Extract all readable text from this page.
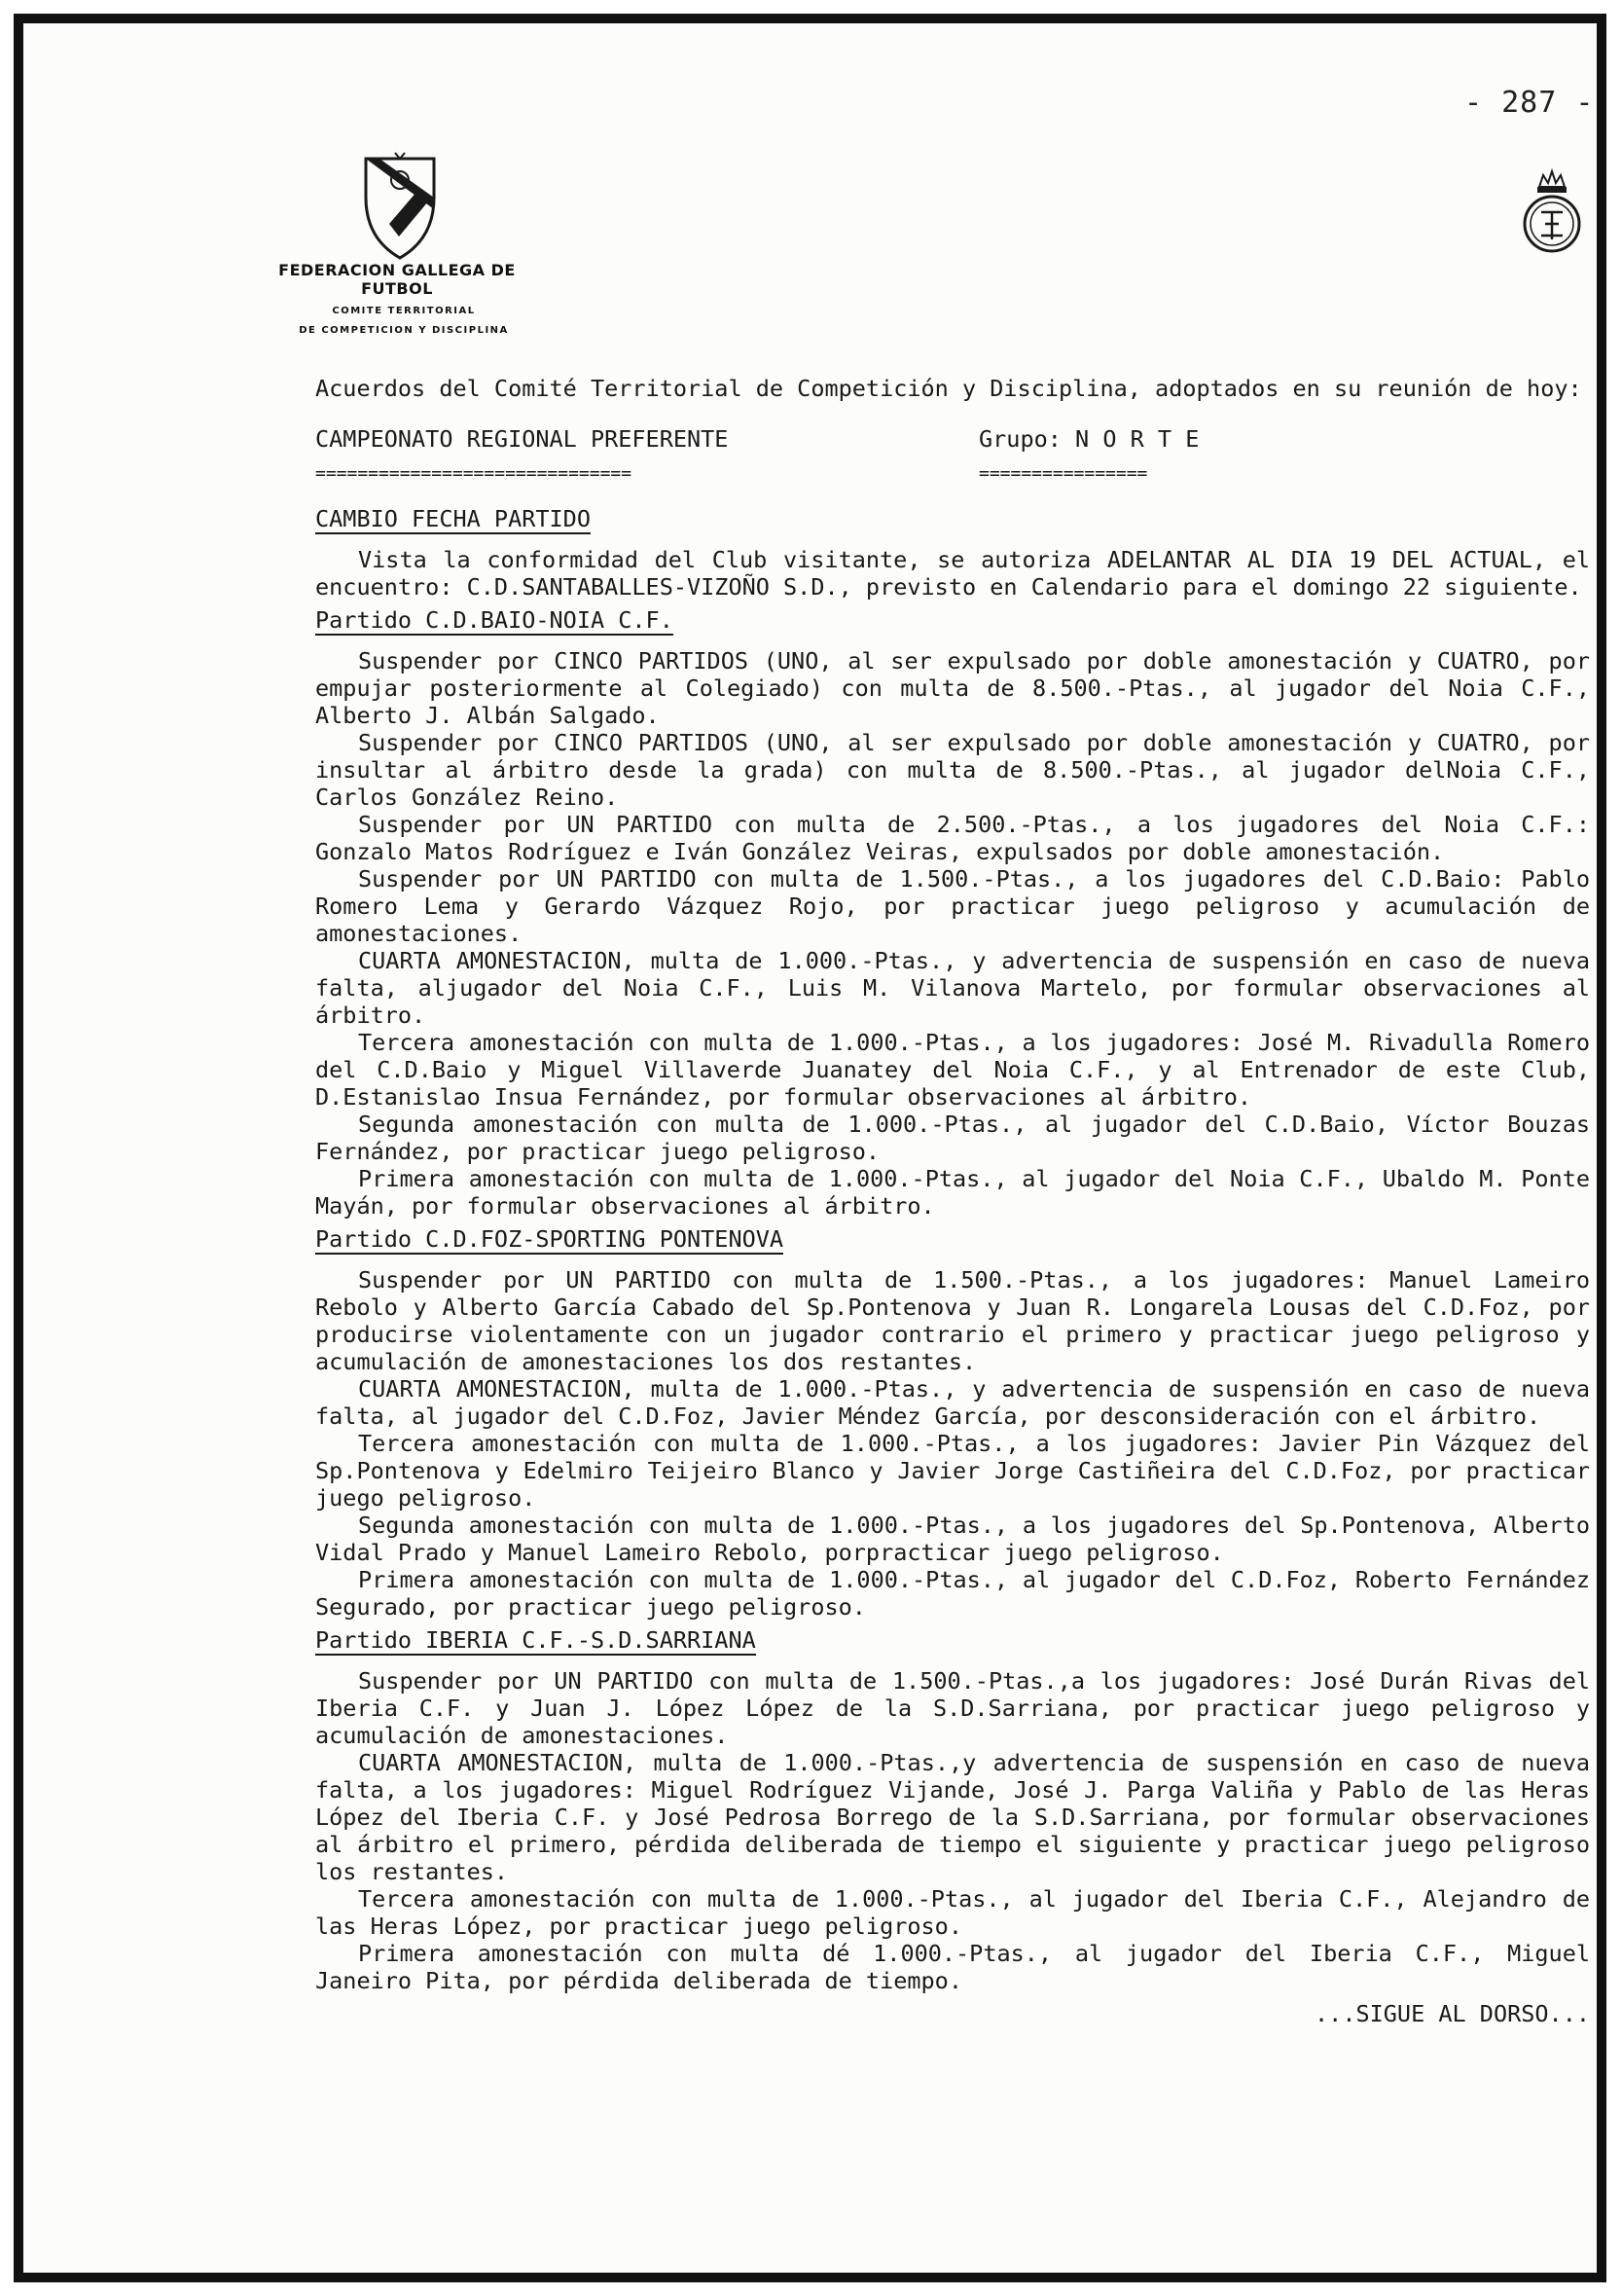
- 287 -
FEDERACION GALLEGA DE FUTBOL
COMITE TERRITORIAL
DE COMPETICION Y DISCIPLINA
Acuerdos del Comité Territorial de Competición y Disciplina, adoptados en su reunión de hoy:
CAMPEONATO REGIONAL PREFERENTE
==============================
Grupo: N O R T E
================
CAMBIO FECHA PARTIDO

Vista la conformidad del Club visitante, se autoriza ADELANTAR AL DIA 19 DEL ACTUAL, el encuentro: C.D.SANTABALLES-VIZOÑO S.D., previsto en Calendario para el domingo 22 siguiente.

Partido C.D.BAIO-NOIA C.F.

Suspender por CINCO PARTIDOS (UNO, al ser expulsado por doble amonestación y CUATRO, por empujar posteriormente al Colegiado) con multa de 8.500.-Ptas., al jugador del Noia C.F., Alberto J. Albán Salgado.

Suspender por CINCO PARTIDOS (UNO, al ser expulsado por doble amonestación y CUATRO, por insultar al árbitro desde la grada) con multa de 8.500.-Ptas., al jugador delNoia C.F., Carlos González Reino.

Suspender por UN PARTIDO con multa de 2.500.-Ptas., a los jugadores del Noia C.F.: Gonzalo Matos Rodríguez e Iván González Veiras, expulsados por doble amonestación.

Suspender por UN PARTIDO con multa de 1.500.-Ptas., a los jugadores del C.D.Baio: Pablo Romero Lema y Gerardo Vázquez Rojo, por practicar juego peligroso y acumulación de amonestaciones.

CUARTA AMONESTACION, multa de 1.000.-Ptas., y advertencia de suspensión en caso de nueva falta, aljugador del Noia C.F., Luis M. Vilanova Martelo, por formular observaciones al árbitro.

Tercera amonestación con multa de 1.000.-Ptas., a los jugadores: José M. Rivadulla Romero del C.D.Baio y Miguel Villaverde Juanatey del Noia C.F., y al Entrenador de este Club, D.Estanislao Insua Fernández, por formular observaciones al árbitro.

Segunda amonestación con multa de 1.000.-Ptas., al jugador del C.D.Baio, Víctor Bouzas Fernández, por practicar juego peligroso.

Primera amonestación con multa de 1.000.-Ptas., al jugador del Noia C.F., Ubaldo M. Ponte Mayán, por formular observaciones al árbitro.

Partido C.D.FOZ-SPORTING PONTENOVA

Suspender por UN PARTIDO con multa de 1.500.-Ptas., a los jugadores: Manuel Lameiro Rebolo y Alberto García Cabado del Sp.Pontenova y Juan R. Longarela Lousas del C.D.Foz, por producirse violentamente con un jugador contrario el primero y practicar juego peligroso y acumulación de amonestaciones los dos restantes.

CUARTA AMONESTACION, multa de 1.000.-Ptas., y advertencia de suspensión en caso de nueva falta, al jugador del C.D.Foz, Javier Méndez García, por desconsideración con el árbitro.

Tercera amonestación con multa de 1.000.-Ptas., a los jugadores: Javier Pin Vázquez del Sp.Pontenova y Edelmiro Teijeiro Blanco y Javier Jorge Castiñeira del C.D.Foz, por practicar juego peligroso.

Segunda amonestación con multa de 1.000.-Ptas., a los jugadores del Sp.Pontenova, Alberto Vidal Prado y Manuel Lameiro Rebolo, porpracticar juego peligroso.

Primera amonestación con multa de 1.000.-Ptas., al jugador del C.D.Foz, Roberto Fernández Segurado, por practicar juego peligroso.

Partido IBERIA C.F.-S.D.SARRIANA

Suspender por UN PARTIDO con multa de 1.500.-Ptas.,a los jugadores: José Durán Rivas del Iberia C.F. y Juan J. López López de la S.D.Sarriana, por practicar juego peligroso y acumulación de amonestaciones.

CUARTA AMONESTACION, multa de 1.000.-Ptas.,y advertencia de suspensión en caso de nueva falta, a los jugadores: Miguel Rodríguez Vijande, José J. Parga Valiña y Pablo de las Heras López del Iberia C.F. y José Pedrosa Borrego de la S.D.Sarriana, por formular observaciones al árbitro el primero, pérdida deliberada de tiempo el siguiente y practicar juego peligroso los restantes.

Tercera amonestación con multa de 1.000.-Ptas., al jugador del Iberia C.F., Alejandro de las Heras López, por practicar juego peligroso.

Primera amonestación con multa dé 1.000.-Ptas., al jugador del Iberia C.F., Miguel Janeiro Pita, por pérdida deliberada de tiempo.

...SIGUE AL DORSO...
